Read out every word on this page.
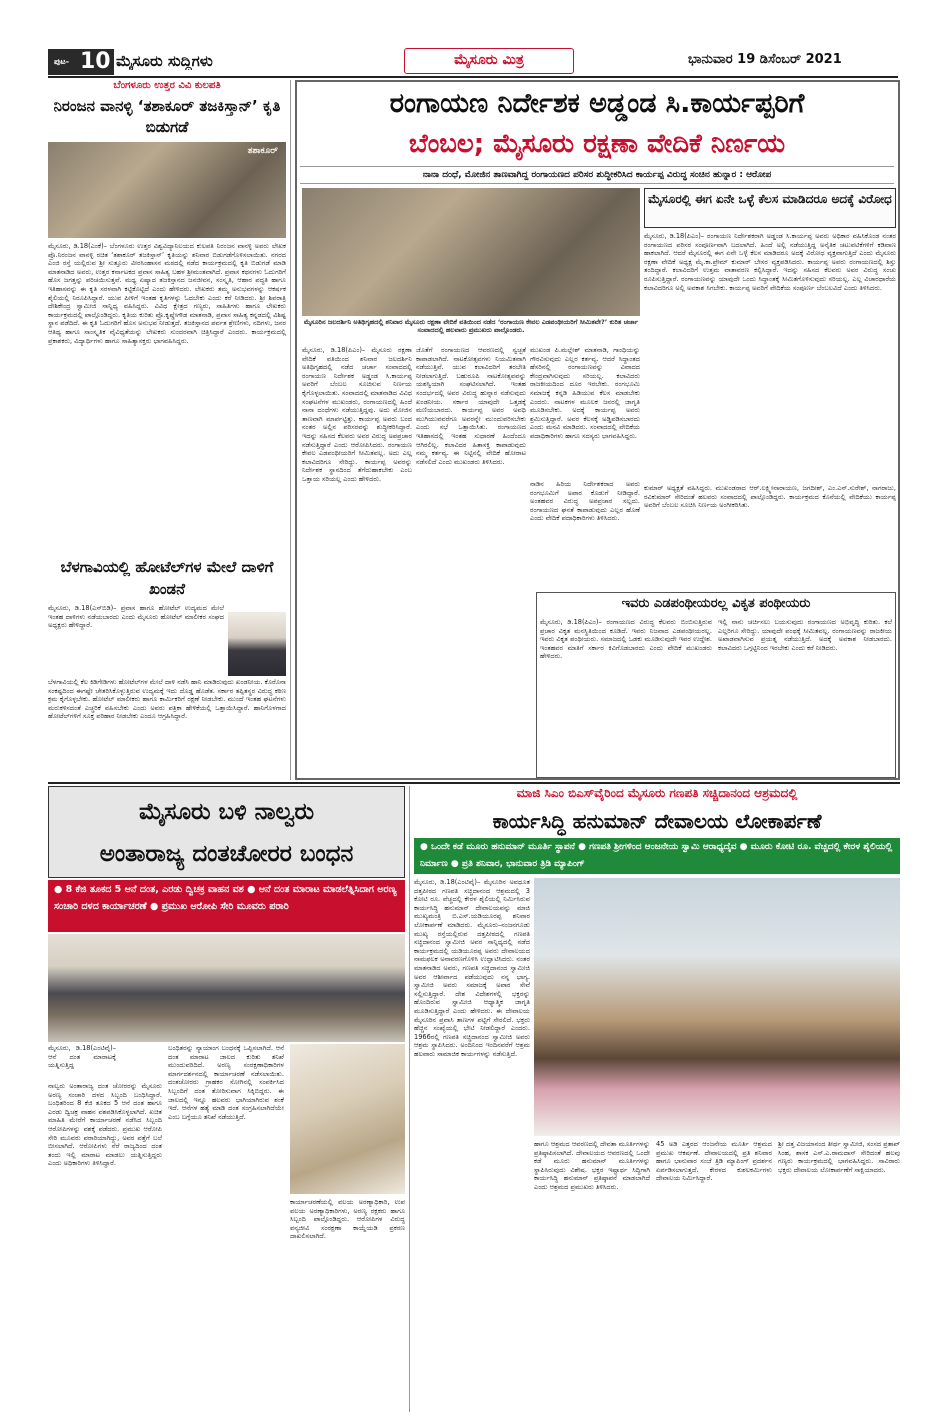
ಪುಟ- 10 ಮೈಸೂರು ಸುದ್ದಿಗಳು	ಮೈಸೂರು ಮಿತ್ರ	ಭಾನುವಾರ 19 ಡಿಸೆಂಬರ್ 2021
ಬೆಂಗಳೂರು ಉತ್ತರ ವಿವಿ ಕುಲಪತಿ
ನಿರಂಜನ ವಾನಳ್ಳಿ ‘ತಶಾಕೂರ್ ತಜಕಿಸ್ತಾನ್’ ಕೃತಿ ಬಿಡುಗಡೆ
ತಶಾಕೂರ್
ಮೈಸೂರು, ಡಿ.18(ಎಂಕೆ)– ಬೆಂಗಳೂರು ಉತ್ತರ ವಿಶ್ವವಿದ್ಯಾನಿಲಯದ ಕುಲಪತಿ ನಿರಂಜನ ವಾನಳ್ಳಿ ಅವರು ಲೇಖಕ ಪ್ರೊ.ನಿರಂಜನ ವಾನಳ್ಳಿ ರಚಿತ ‘ತಶಾಕೂರ್ ತಜಕಿಸ್ತಾನ್’ ಕೃತಿಯನ್ನು ಶನಿವಾರ ಬಿಡುಗಡೆಗೊಳಿಸಲಾಯಿತು. ನಗರದ ಎಂಜಿ ರಸ್ತೆ ಯಲ್ಲಿರುವ ಶ್ರೀ ಸುತ್ತೂರು ವೀರಸಿಂಹಾಸನ ಮಠದಲ್ಲಿ ನಡೆದ ಕಾರ್ಯಕ್ರಮದಲ್ಲಿ ಕೃತಿ ಬಿಡುಗಡೆ ಮಾಡಿ ಮಾತನಾಡಿದ ಅವರು, ಉತ್ತರ ಕರ್ನಾಟಕದ ಪ್ರವಾಸ ಸಾಹಿತ್ಯ ಬಹಳ ಶ್ರೀಮಂತವಾಗಿದೆ. ಪ್ರವಾಸ ಕಥನಗಳು ಓದುಗರಿಗೆ ಹೊಸ ಜಗತ್ತನ್ನು ಪರಿಚಯಿಸುತ್ತವೆ. ಮಧ್ಯ ಏಷ್ಯಾದ ತಜಕಿಸ್ತಾನದ ಜನಜೀವನ, ಸಂಸ್ಕೃತಿ, ಆಹಾರ ಪದ್ಧತಿ ಹಾಗೂ ಇತಿಹಾಸವನ್ನು ಈ ಕೃತಿ ಸರಳವಾಗಿ ಕಟ್ಟಿಕೊಟ್ಟಿದೆ ಎಂದು ಹೇಳಿದರು. ಲೇಖಕರು ತಮ್ಮ ಅನುಭವಗಳನ್ನು ಆಕರ್ಷಕ ಶೈಲಿಯಲ್ಲಿ ನಿರೂಪಿಸಿದ್ದಾರೆ. ಯುವ ಪೀಳಿಗೆ ಇಂತಹ ಕೃತಿಗಳನ್ನು ಓದಬೇಕು ಎಂದು ಕರೆ ನೀಡಿದರು. ಶ್ರೀ ಶಿವರಾತ್ರಿ ದೇಶಿಕೇಂದ್ರ ಸ್ವಾಮೀಜಿ ಸಾನ್ನಿಧ್ಯ ವಹಿಸಿದ್ದರು. ವಿವಿಧ ಕ್ಷೇತ್ರದ ಗಣ್ಯರು, ಸಾಹಿತಿಗಳು ಹಾಗೂ ಲೇಖಕರು ಕಾರ್ಯಕ್ರಮದಲ್ಲಿ ಪಾಲ್ಗೊಂಡಿದ್ದರು. ಕೃತಿಯ ಕುರಿತು ಪ್ರೊ.ಕೃಷ್ಣೇಗೌಡ ಮಾತನಾಡಿ, ಪ್ರವಾಸ ಸಾಹಿತ್ಯ ಕನ್ನಡದಲ್ಲಿ ವಿಶಿಷ್ಟ ಸ್ಥಾನ ಪಡೆದಿದೆ. ಈ ಕೃತಿ ಓದುಗರಿಗೆ ಹೊಸ ಅನುಭವ ನೀಡುತ್ತದೆ. ತಜಕಿಸ್ತಾನದ ಪರ್ವತ ಶ್ರೇಣಿಗಳು, ನದಿಗಳು, ಜನರ ಆತಿಥ್ಯ ಹಾಗೂ ಸಾಂಸ್ಕೃತಿಕ ವೈವಿಧ್ಯತೆಯನ್ನು ಲೇಖಕರು ಸುಂದರವಾಗಿ ಚಿತ್ರಿಸಿದ್ದಾರೆ ಎಂದರು. ಕಾರ್ಯಕ್ರಮದಲ್ಲಿ ಪ್ರಕಾಶಕರು, ವಿದ್ಯಾರ್ಥಿಗಳು ಹಾಗೂ ಸಾಹಿತ್ಯಾಸಕ್ತರು ಭಾಗವಹಿಸಿದ್ದರು.
ಬೆಳಗಾವಿಯಲ್ಲಿ ಹೋಟೆಲ್‌ಗಳ ಮೇಲೆ ದಾಳಿಗೆ ಖಂಡನೆ
ಮೈಸೂರು, ಡಿ.18(ಎಸ್‌ಬಿಡಿ)– ಪ್ರವಾಸ ಹಾಗೂ ಹೋಟೆಲ್ ಉದ್ಯಮದ ಮೇಲೆ ಇಂತಹ ದಾಳಿಗಳು ನಡೆಯಬಾರದು ಎಂದು ಮೈಸೂರು ಹೋಟೆಲ್ ಮಾಲೀಕರ ಸಂಘದ ಅಧ್ಯಕ್ಷರು ಹೇಳಿದ್ದಾರೆ.
ಬೆಳಗಾವಿಯಲ್ಲಿ ಕೆಲ ಕಿಡಿಗೇಡಿಗಳು ಹೋಟೆಲ್‌ಗಳ ಮೇಲೆ ದಾಳಿ ನಡೆಸಿ ಹಾನಿ ಮಾಡಿರುವುದು ಖಂಡನೀಯ. ಕೊರೊನಾ ಸಂಕಷ್ಟದಿಂದ ಈಗಷ್ಟೇ ಚೇತರಿಸಿಕೊಳ್ಳುತ್ತಿರುವ ಉದ್ಯಮಕ್ಕೆ ಇದು ದೊಡ್ಡ ಹೊಡೆತ. ಸರ್ಕಾರ ತಪ್ಪಿತಸ್ಥರ ವಿರುದ್ಧ ಕಠಿಣ ಕ್ರಮ ಕೈಗೊಳ್ಳಬೇಕು. ಹೋಟೆಲ್ ಮಾಲೀಕರು ಹಾಗೂ ಕಾರ್ಮಿಕರಿಗೆ ರಕ್ಷಣೆ ನೀಡಬೇಕು. ಮುಂದೆ ಇಂತಹ ಘಟನೆಗಳು ಮರುಕಳಿಸದಂತೆ ಎಚ್ಚರಿಕೆ ವಹಿಸಬೇಕು ಎಂದು ಅವರು ಪತ್ರಿಕಾ ಹೇಳಿಕೆಯಲ್ಲಿ ಒತ್ತಾಯಿಸಿದ್ದಾರೆ. ಹಾನಿಗೊಳಗಾದ ಹೋಟೆಲ್‌ಗಳಿಗೆ ಸೂಕ್ತ ಪರಿಹಾರ ನೀಡಬೇಕು ಎಂದೂ ಆಗ್ರಹಿಸಿದ್ದಾರೆ.
ರಂಗಾಯಣ ನಿರ್ದೇಶಕ ಅಡ್ಡಂಡ ಸಿ.ಕಾರ್ಯಪ್ಪರಿಗೆ
ಬೆಂಬಲ; ಮೈಸೂರು ರಕ್ಷಣಾ ವೇದಿಕೆ ನಿರ್ಣಯ
ನಾನಾ ದಂಧೆ, ಮೋಜಿನ ತಾಣವಾಗಿದ್ದ ರಂಗಾಯಣದ ಪರಿಸರ ಶುದ್ಧೀಕರಿಸಿದ ಕಾರ್ಯಪ್ಪ ವಿರುದ್ಧ ಸಂಚಿನ ಹುನ್ನಾರ : ಆರೋಪ
ಮೈಸೂರಿನ ಜಲದರ್ಶಿನಿ ಅತಿಥಿಗೃಹದಲ್ಲಿ ಶನಿವಾರ ಮೈಸೂರು ರಕ್ಷಣಾ ವೇದಿಕೆ ವತಿಯಿಂದ ನಡೆದ ‘ರಂಗಾಯಣ ಕೇವಲ ಎಡಪಂಥೀಯರಿಗೆ ಸೀಮಿತವೇ?’ ಕುರಿತ ಚರ್ಚಾ ಸಂವಾದದಲ್ಲಿ ಹಲವಾರು ಪ್ರಮುಖರು ಪಾಲ್ಗೊಂಡರು.
ಮೈಸೂರಲ್ಲಿ ಈಗ ಏನೇ ಒಳ್ಳೆ ಕೆಲಸ ಮಾಡಿದರೂ ಅದಕ್ಕೆ ವಿರೋಧ
ಮೈಸೂರು, ಡಿ.18(ಪಿಎಂ)– ರಂಗಾಯಣ ನಿರ್ದೇಶಕರಾಗಿ ಅಡ್ಡಂಡ ಸಿ.ಕಾರ್ಯಪ್ಪ ಅವರು ಅಧಿಕಾರ ವಹಿಸಿಕೊಂಡ ನಂತರ ರಂಗಾಯಣದ ಪರಿಸರ ಸಂಪೂರ್ಣವಾಗಿ ಬದಲಾಗಿದೆ. ಹಿಂದೆ ಅಲ್ಲಿ ನಡೆಯುತ್ತಿದ್ದ ಅನೈತಿಕ ಚಟುವಟಿಕೆಗಳಿಗೆ ಕಡಿವಾಣ ಹಾಕಲಾಗಿದೆ. ಆದರೆ ಮೈಸೂರಲ್ಲಿ ಈಗ ಏನೇ ಒಳ್ಳೆ ಕೆಲಸ ಮಾಡಿದರೂ ಅದಕ್ಕೆ ವಿರೋಧ ವ್ಯಕ್ತವಾಗುತ್ತಿದೆ ಎಂದು ಮೈಸೂರು ರಕ್ಷಣಾ ವೇದಿಕೆ ಅಧ್ಯಕ್ಷ ಮೈ.ಕಾ.ಪ್ರೇಮ್ ಕುಮಾರ್ ಬೇಸರ ವ್ಯಕ್ತಪಡಿಸಿದರು. ಕಾರ್ಯಪ್ಪ ಅವರು ರಂಗಾಯಣದಲ್ಲಿ ಶಿಸ್ತು ತಂದಿದ್ದಾರೆ. ಕಲಾವಿದರಿಗೆ ಉತ್ತಮ ವಾತಾವರಣ ಕಲ್ಪಿಸಿದ್ದಾರೆ. ಇದನ್ನು ಸಹಿಸದ ಕೆಲವರು ಅವರ ವಿರುದ್ಧ ಸಂಚು ರೂಪಿಸುತ್ತಿದ್ದಾರೆ. ರಂಗಾಯಣವನ್ನು ಯಾವುದೇ ಒಂದು ಸಿದ್ಧಾಂತಕ್ಕೆ ಸೀಮಿತಗೊಳಿಸುವುದು ಸರಿಯಲ್ಲ. ಎಲ್ಲ ವಿಚಾರಧಾರೆಯ ಕಲಾವಿದರಿಗೂ ಅಲ್ಲಿ ಅವಕಾಶ ಸಿಗಬೇಕು. ಕಾರ್ಯಪ್ಪ ಅವರಿಗೆ ವೇದಿಕೆಯ ಸಂಪೂರ್ಣ ಬೆಂಬಲವಿದೆ ಎಂದು ತಿಳಿಸಿದರು.
ಮೈಸೂರು, ಡಿ.18(ಪಿಎಂ)– ಮೈಸೂರು ರಕ್ಷಣಾ ವೇದಿಕೆ ವತಿಯಿಂದ ಶನಿವಾರ ಜಲದರ್ಶಿನಿ ಅತಿಥಿಗೃಹದಲ್ಲಿ ನಡೆದ ಚರ್ಚಾ ಸಂವಾದದಲ್ಲಿ ರಂಗಾಯಣ ನಿರ್ದೇಶಕ ಅಡ್ಡಂಡ ಸಿ.ಕಾರ್ಯಪ್ಪ ಅವರಿಗೆ ಬೆಂಬಲ ಸೂಚಿಸುವ ನಿರ್ಣಯ ಕೈಗೊಳ್ಳಲಾಯಿತು. ಸಂವಾದದಲ್ಲಿ ಮಾತನಾಡಿದ ವಿವಿಧ ಸಂಘಟನೆಗಳ ಮುಖಂಡರು, ರಂಗಾಯಣದಲ್ಲಿ ಹಿಂದೆ ನಾನಾ ದಂಧೆಗಳು ನಡೆಯುತ್ತಿದ್ದವು. ಅದು ಮೋಜಿನ ತಾಣವಾಗಿ ಮಾರ್ಪಟ್ಟಿತ್ತು. ಕಾರ್ಯಪ್ಪ ಅವರು ಬಂದ ನಂತರ ಅಲ್ಲಿನ ಪರಿಸರವನ್ನು ಶುದ್ಧೀಕರಿಸಿದ್ದಾರೆ. ಇದನ್ನು ಸಹಿಸದ ಕೆಲವರು ಅವರ ವಿರುದ್ಧ ಅಪಪ್ರಚಾರ ನಡೆಸುತ್ತಿದ್ದಾರೆ ಎಂದು ಆರೋಪಿಸಿದರು. ರಂಗಾಯಣ ಕೇವಲ ಎಡಪಂಥೀಯರಿಗೆ ಸೀಮಿತವಲ್ಲ. ಅದು ಎಲ್ಲ ಕಲಾವಿದರಿಗೂ ಸೇರಿದ್ದು. ಕಾರ್ಯಪ್ಪ ಅವರನ್ನು ನಿರ್ದೇಶಕ ಸ್ಥಾನದಿಂದ ತೆಗೆದುಹಾಕಬೇಕು ಎಂಬ ಒತ್ತಾಯ ಸರಿಯಲ್ಲ ಎಂದು ಹೇಳಿದರು.
ಜೊತೆಗೆ ರಂಗಾಯಣದ ಆವರಣದಲ್ಲಿ ಸ್ವಚ್ಛತೆ ಕಾಪಾಡಲಾಗಿದೆ. ನಾಟಕೋತ್ಸವಗಳು ನಿಯಮಿತವಾಗಿ ನಡೆಯುತ್ತಿವೆ. ಯುವ ಕಲಾವಿದರಿಗೆ ತರಬೇತಿ ನೀಡಲಾಗುತ್ತಿದೆ. ಬಹುರೂಪಿ ನಾಟಕೋತ್ಸವವನ್ನು ಯಶಸ್ವಿಯಾಗಿ ಸಂಘಟಿಸಲಾಗಿದೆ. ಇಂತಹ ಸಂದರ್ಭದಲ್ಲಿ ಅವರ ವಿರುದ್ಧ ಹುನ್ನಾರ ನಡೆಸುವುದು ಖಂಡನೀಯ. ಸರ್ಕಾರ ಯಾವುದೇ ಒತ್ತಡಕ್ಕೆ ಮಣಿಯಬಾರದು. ಕಾರ್ಯಪ್ಪ ಅವರ ಅವಧಿ ಮುಗಿಯುವವರೆಗೂ ಅವರನ್ನೇ ಮುಂದುವರಿಸಬೇಕು ಎಂದು ಸಭೆ ಒತ್ತಾಯಿಸಿತು. ರಂಗಾಯಣದ ಇತಿಹಾಸದಲ್ಲಿ ಇಂತಹ ಸುಧಾರಣೆ ಹಿಂದೆಂದೂ ಆಗಿರಲಿಲ್ಲ. ಕಲಾವಿದರ ಹಿತಾಸಕ್ತಿ ಕಾಪಾಡುವುದು ನಮ್ಮ ಕರ್ತವ್ಯ. ಈ ನಿಟ್ಟಿನಲ್ಲಿ ವೇದಿಕೆ ಹೋರಾಟ ನಡೆಸಲಿದೆ ಎಂದು ಮುಖಂಡರು ತಿಳಿಸಿದರು.
ಮುಖಂಡ ಪಿ.ಮಲ್ಲೇಶ್ ಮಾತನಾಡಿ, ಗಾಂಧಿಯನ್ನು ಗೌರವಿಸುವುದು ಎಲ್ಲರ ಕರ್ತವ್ಯ. ಆದರೆ ಸಿದ್ಧಾಂತದ ಹೆಸರಿನಲ್ಲಿ ರಂಗಾಯಣವನ್ನು ವಿವಾದದ ಕೇಂದ್ರವಾಗಿಸುವುದು ಸರಿಯಲ್ಲ. ಕಲಾವಿದರು ರಾಜಕೀಯದಿಂದ ದೂರ ಇರಬೇಕು. ರಂಗಭೂಮಿ ಸಮಾಜಕ್ಕೆ ಕನ್ನಡಿ ಹಿಡಿಯುವ ಕೆಲಸ ಮಾಡಬೇಕು ಎಂದರು. ನಾಟಕಗಳ ಮೂಲಕ ಜನರಲ್ಲಿ ಜಾಗೃತಿ ಮೂಡಿಸಬೇಕು. ಅದಕ್ಕೆ ಕಾರ್ಯಪ್ಪ ಅವರು ಶ್ರಮಿಸುತ್ತಿದ್ದಾರೆ. ಅವರ ಕೆಲಸಕ್ಕೆ ಅಡ್ಡಿಪಡಿಸಬಾರದು ಎಂದು ಮನವಿ ಮಾಡಿದರು. ಸಂವಾದದಲ್ಲಿ ವೇದಿಕೆಯ ಪದಾಧಿಕಾರಿಗಳು ಹಾಗೂ ಸದಸ್ಯರು ಭಾಗವಹಿಸಿದ್ದರು.
ನಾಡಿನ ಹಿರಿಯ ನಿರ್ದೇಶಕರಾದ ಅವರು ರಂಗಭೂಮಿಗೆ ಅಪಾರ ಕೊಡುಗೆ ನೀಡಿದ್ದಾರೆ. ಅಂತಹವರ ವಿರುದ್ಧ ಅಪಪ್ರಚಾರ ಸಲ್ಲದು. ರಂಗಾಯಣದ ಘನತೆ ಕಾಪಾಡುವುದು ಎಲ್ಲರ ಹೊಣೆ ಎಂದು ವೇದಿಕೆ ಪದಾಧಿಕಾರಿಗಳು ತಿಳಿಸಿದರು.
ಕುಮಾರ್ ಅಧ್ಯಕ್ಷತೆ ವಹಿಸಿದ್ದರು. ಮುಖಂಡರಾದ ಆರ್.ಲಕ್ಷ್ಮೀನಾರಾಯಣ, ಜಗದೀಶ್, ಎಂ.ಎನ್.ಸುರೇಶ್, ನಾಗರಾಜು, ರವಿಕುಮಾರ್ ಸೇರಿದಂತೆ ಹಲವರು ಸಂವಾದದಲ್ಲಿ ಪಾಲ್ಗೊಂಡಿದ್ದರು. ಕಾರ್ಯಕ್ರಮದ ಕೊನೆಯಲ್ಲಿ ವೇದಿಕೆಯು ಕಾರ್ಯಪ್ಪ ಅವರಿಗೆ ಬೆಂಬಲ ಸೂಚಿಸಿ ನಿರ್ಣಯ ಅಂಗೀಕರಿಸಿತು.
ಇವರು ಎಡಪಂಥೀಯರಲ್ಲ ವಿಕೃತ ಪಂಥೀಯರು
ಮೈಸೂರು, ಡಿ.18(ಪಿಎಂ)– ರಂಗಾಯಣದ ವಿರುದ್ಧ ಕೆಲವರು ಬಿಂಬಿಸುತ್ತಿರುವ ಪ್ರಚಾರ ವಿಕೃತ ಮನಸ್ಥಿತಿಯಿಂದ ಕೂಡಿದೆ. ಇವರು ನಿಜವಾದ ಎಡಪಂಥೀಯರಲ್ಲ. ಇವರು ವಿಕೃತ ಪಂಥೀಯರು. ಸಮಾಜದಲ್ಲಿ ಒಡಕು ಮೂಡಿಸುವುದೇ ಇವರ ಉದ್ದೇಶ. ಇಂತಹವರ ಮಾತಿಗೆ ಸರ್ಕಾರ ಕಿವಿಗೊಡಬಾರದು ಎಂದು ವೇದಿಕೆ ಮುಖಂಡರು ಹೇಳಿದರು.
ಇಲ್ಲಿ ನಾನು ಚರ್ಚಿಸಲು ಬಯಸುವುದು ರಂಗಾಯಣದ ಅಭಿವೃದ್ಧಿ ಕುರಿತು. ಕಲೆ ಎಲ್ಲರಿಗೂ ಸೇರಿದ್ದು. ಯಾವುದೇ ಪಂಥಕ್ಕೆ ಸೀಮಿತವಲ್ಲ. ರಂಗಾಯಣವನ್ನು ರಾಜಕೀಯ ಅಖಾಡವಾಗಿಸುವ ಪ್ರಯತ್ನ ನಡೆಯುತ್ತಿದೆ. ಅದಕ್ಕೆ ಅವಕಾಶ ನೀಡಬಾರದು. ಕಲಾವಿದರು ಒಗ್ಗಟ್ಟಿನಿಂದ ಇರಬೇಕು ಎಂದು ಕರೆ ನೀಡಿದರು.
ಮೈಸೂರು ಬಳಿ ನಾಲ್ವರು
ಅಂತಾರಾಜ್ಯ ದಂತಚೋರರ ಬಂಧನ
● 8 ಕೆಜಿ ತೂಕದ 5 ಆನೆ ದಂತ, ಎರಡು ದ್ವಿಚಕ್ರ ವಾಹನ ವಶ ● ಆನೆ ದಂತ ಮಾರಾಟ ಮಾಡಲೆತ್ನಿಸಿದಾಗ ಅರಣ್ಯ ಸಂಚಾರಿ ದಳದ ಕಾರ್ಯಾಚರಣೆ ● ಪ್ರಮುಖ ಆರೋಪಿ ಸೇರಿ ಮೂವರು ಪರಾರಿ
ಮೈಸೂರು, ಡಿ.18(ಎಂಟಿವೈ)– ಆನೆ ದಂತ ಮಾರಾಟಕ್ಕೆ ಯತ್ನಿಸುತ್ತಿದ್ದ
ನಾಲ್ವರು ಅಂತಾರಾಜ್ಯ ದಂತ ಚೋರರನ್ನು ಮೈಸೂರು ಅರಣ್ಯ ಸಂಚಾರಿ ದಳದ ಸಿಬ್ಬಂದಿ ಬಂಧಿಸಿದ್ದಾರೆ. ಬಂಧಿತರಿಂದ 8 ಕೆಜಿ ತೂಕದ 5 ಆನೆ ದಂತ ಹಾಗೂ ಎರಡು ದ್ವಿಚಕ್ರ ವಾಹನ ವಶಪಡಿಸಿಕೊಳ್ಳಲಾಗಿದೆ. ಖಚಿತ ಮಾಹಿತಿ ಮೇರೆಗೆ ಕಾರ್ಯಾಚರಣೆ ನಡೆಸಿದ ಸಿಬ್ಬಂದಿ ಆರೋಪಿಗಳನ್ನು ವಶಕ್ಕೆ ಪಡೆದರು. ಪ್ರಮುಖ ಆರೋಪಿ ಸೇರಿ ಮೂವರು ಪರಾರಿಯಾಗಿದ್ದು, ಅವರ ಪತ್ತೆಗೆ ಬಲೆ ಬೀಸಲಾಗಿದೆ. ಆರೋಪಿಗಳು ನೆರೆ ರಾಜ್ಯದಿಂದ ದಂತ ತಂದು ಇಲ್ಲಿ ಮಾರಾಟ ಮಾಡಲು ಯತ್ನಿಸುತ್ತಿದ್ದರು ಎಂದು ಅಧಿಕಾರಿಗಳು ತಿಳಿಸಿದ್ದಾರೆ.
ಬಂಧಿತರನ್ನು ನ್ಯಾಯಾಂಗ ಬಂಧನಕ್ಕೆ ಒಪ್ಪಿಸಲಾಗಿದೆ. ಆನೆ ದಂತ ಮಾರಾಟ ಜಾಲದ ಕುರಿತು ತನಿಖೆ ಮುಂದುವರಿದಿದೆ. ಅರಣ್ಯ ಸಂರಕ್ಷಣಾಧಿಕಾರಿಗಳ ಮಾರ್ಗದರ್ಶನದಲ್ಲಿ ಕಾರ್ಯಾಚರಣೆ ನಡೆಸಲಾಯಿತು. ದಂತಚೋರರು ಗ್ರಾಹಕರ ಸೋಗಿನಲ್ಲಿ ಸಂಪರ್ಕಿಸಿದ ಸಿಬ್ಬಂದಿಗೆ ದಂತ ತೋರಿಸುವಾಗ ಸಿಕ್ಕಿಬಿದ್ದರು. ಈ ಜಾಲದಲ್ಲಿ ಇನ್ನೂ ಹಲವರು ಭಾಗಿಯಾಗಿರುವ ಶಂಕೆ ಇದೆ. ಆನೆಗಳ ಹತ್ಯೆ ಮಾಡಿ ದಂತ ಸಂಗ್ರಹಿಸಲಾಗಿದೆಯೇ ಎಂಬ ಬಗ್ಗೆಯೂ ತನಿಖೆ ನಡೆಯುತ್ತಿದೆ.
ಕಾರ್ಯಾಚರಣೆಯಲ್ಲಿ ವಲಯ ಅರಣ್ಯಾಧಿಕಾರಿ, ಉಪ ವಲಯ ಅರಣ್ಯಾಧಿಕಾರಿಗಳು, ಅರಣ್ಯ ರಕ್ಷಕರು ಹಾಗೂ ಸಿಬ್ಬಂದಿ ಪಾಲ್ಗೊಂಡಿದ್ದರು. ಆರೋಪಿಗಳ ವಿರುದ್ಧ ವನ್ಯಜೀವಿ ಸಂರಕ್ಷಣಾ ಕಾಯ್ದೆಯಡಿ ಪ್ರಕರಣ ದಾಖಲಿಸಲಾಗಿದೆ.
ಮಾಜಿ ಸಿಎಂ ಬಿಎಸ್‌ವೈರಿಂದ ಮೈಸೂರು ಗಣಪತಿ ಸಚ್ಚಿದಾನಂದ ಆಶ್ರಮದಲ್ಲಿ
ಕಾರ್ಯಸಿದ್ಧಿ ಹನುಮಾನ್ ದೇವಾಲಯ ಲೋಕಾರ್ಪಣೆ
● ಒಂದೇ ಕಡೆ ಮೂರು ಹನುಮಾನ್ ಮೂರ್ತಿ ಸ್ಥಾಪನೆ ● ಗಣಪತಿ ಶ್ರೀಗಳಿಂದ ಆಂಜನೇಯ ಸ್ವಾಮಿ ಆರಾಧ್ಯದೈವ ● ಮೂರು ಕೋಟಿ ರೂ. ವೆಚ್ಚದಲ್ಲಿ ಕೇರಳ ಶೈಲಿಯಲ್ಲಿ ನಿರ್ಮಾಣ ● ಪ್ರತಿ ಶನಿವಾರ, ಭಾನುವಾರ ತ್ರಿಡಿ ಮ್ಯಾಪಿಂಗ್
ಮೈಸೂರು, ಡಿ.18(ಎಂಟಿವೈ)– ಮೈಸೂರಿನ ಅವಧೂತ ದತ್ತಪೀಠದ ಗಣಪತಿ ಸಚ್ಚಿದಾನಂದ ಆಶ್ರಮದಲ್ಲಿ 3 ಕೋಟಿ ರೂ. ವೆಚ್ಚದಲ್ಲಿ ಕೇರಳ ಶೈಲಿಯಲ್ಲಿ ನಿರ್ಮಿಸಿರುವ ಕಾರ್ಯಸಿದ್ಧಿ ಹನುಮಾನ್ ದೇವಾಲಯವನ್ನು ಮಾಜಿ ಮುಖ್ಯಮಂತ್ರಿ ಬಿ.ಎಸ್.ಯಡಿಯೂರಪ್ಪ ಶನಿವಾರ ಲೋಕಾರ್ಪಣೆ ಮಾಡಿದರು. ಮೈಸೂರು–ನಂಜನಗೂಡು ಮುಖ್ಯ ರಸ್ತೆಯಲ್ಲಿರುವ ದತ್ತಪೀಠದಲ್ಲಿ ಗಣಪತಿ ಸಚ್ಚಿದಾನಂದ ಸ್ವಾಮೀಜಿ ಅವರ ಸಾನ್ನಿಧ್ಯದಲ್ಲಿ ನಡೆದ ಕಾರ್ಯಕ್ರಮದಲ್ಲಿ ಯಡಿಯೂರಪ್ಪ ಅವರು ದೇವಾಲಯದ ನಾಮಫಲಕ ಅನಾವರಣಗೊಳಿಸಿ ಉದ್ಘಾಟಿಸಿದರು. ನಂತರ ಮಾತನಾಡಿದ ಅವರು, ಗಣಪತಿ ಸಚ್ಚಿದಾನಂದ ಸ್ವಾಮೀಜಿ ಅವರ ಆಶೀರ್ವಾದ ಪಡೆಯುವುದು ನನ್ನ ಭಾಗ್ಯ. ಸ್ವಾಮೀಜಿ ಅವರು ಸಮಾಜಕ್ಕೆ ಅಪಾರ ಸೇವೆ ಸಲ್ಲಿಸುತ್ತಿದ್ದಾರೆ. ದೇಶ ವಿದೇಶಗಳಲ್ಲಿ ಭಕ್ತರನ್ನು ಹೊಂದಿರುವ ಸ್ವಾಮೀಜಿ ಆಧ್ಯಾತ್ಮಿಕ ಜಾಗೃತಿ ಮೂಡಿಸುತ್ತಿದ್ದಾರೆ ಎಂದು ಹೇಳಿದರು. ಈ ದೇವಾಲಯ ಮೈಸೂರಿನ ಪ್ರವಾಸಿ ತಾಣಗಳ ಪಟ್ಟಿಗೆ ಸೇರಲಿದೆ. ಭಕ್ತರು ಹೆಚ್ಚಿನ ಸಂಖ್ಯೆಯಲ್ಲಿ ಭೇಟಿ ನೀಡಲಿದ್ದಾರೆ ಎಂದರು. 1966ರಲ್ಲಿ ಗಣಪತಿ ಸಚ್ಚಿದಾನಂದ ಸ್ವಾಮೀಜಿ ಅವರು ಆಶ್ರಮ ಸ್ಥಾಪಿಸಿದರು. ಅಂದಿನಿಂದ ಇಂದಿನವರೆಗೆ ಆಶ್ರಮ ಹಲವಾರು ಸಾಮಾಜಿಕ ಕಾರ್ಯಗಳನ್ನು ನಡೆಸುತ್ತಿದೆ.
ಹಾಗೂ ಆಶ್ರಮದ ಆವರಣದಲ್ಲಿ ದೇವತಾ ಮೂರ್ತಿಗಳನ್ನು ಪ್ರತಿಷ್ಠಾಪಿಸಲಾಗಿದೆ. ದೇವಾಲಯದ ಆವರಣದಲ್ಲಿ ಒಂದೇ ಕಡೆ ಮೂರು ಹನುಮಾನ್ ಮೂರ್ತಿಗಳನ್ನು ಸ್ಥಾಪಿಸಿರುವುದು ವಿಶೇಷ. ಭಕ್ತರ ಇಷ್ಟಾರ್ಥ ಸಿದ್ಧಿಗಾಗಿ ಕಾರ್ಯಸಿದ್ಧಿ ಹನುಮಾನ್ ಪ್ರತಿಷ್ಠಾಪನೆ ಮಾಡಲಾಗಿದೆ ಎಂದು ಆಶ್ರಮದ ಪ್ರಮುಖರು ತಿಳಿಸಿದರು.
45 ಅಡಿ ಎತ್ತರದ ಆಂಜನೇಯ ಮೂರ್ತಿ ಆಶ್ರಮದ ಪ್ರಮುಖ ಆಕರ್ಷಣೆ. ದೇವಾಲಯದಲ್ಲಿ ಪ್ರತಿ ಶನಿವಾರ ಹಾಗೂ ಭಾನುವಾರ ಸಂಜೆ ತ್ರಿಡಿ ಮ್ಯಾಪಿಂಗ್ ಪ್ರದರ್ಶನ ಏರ್ಪಡಿಸಲಾಗುತ್ತದೆ. ಕೇರಳದ ಕುಶಲಕರ್ಮಿಗಳು ದೇವಾಲಯ ನಿರ್ಮಿಸಿದ್ದಾರೆ.
ಶ್ರೀ ದತ್ತ ವಿಜಯಾನಂದ ತೀರ್ಥ ಸ್ವಾಮೀಜಿ, ಸಂಸದ ಪ್ರತಾಪ್ ಸಿಂಹ, ಶಾಸಕ ಎಸ್.ಎ.ರಾಮದಾಸ್ ಸೇರಿದಂತೆ ಹಲವು ಗಣ್ಯರು ಕಾರ್ಯಕ್ರಮದಲ್ಲಿ ಭಾಗವಹಿಸಿದ್ದರು. ಸಾವಿರಾರು ಭಕ್ತರು ದೇವಾಲಯ ಲೋಕಾರ್ಪಣೆಗೆ ಸಾಕ್ಷಿಯಾದರು.
